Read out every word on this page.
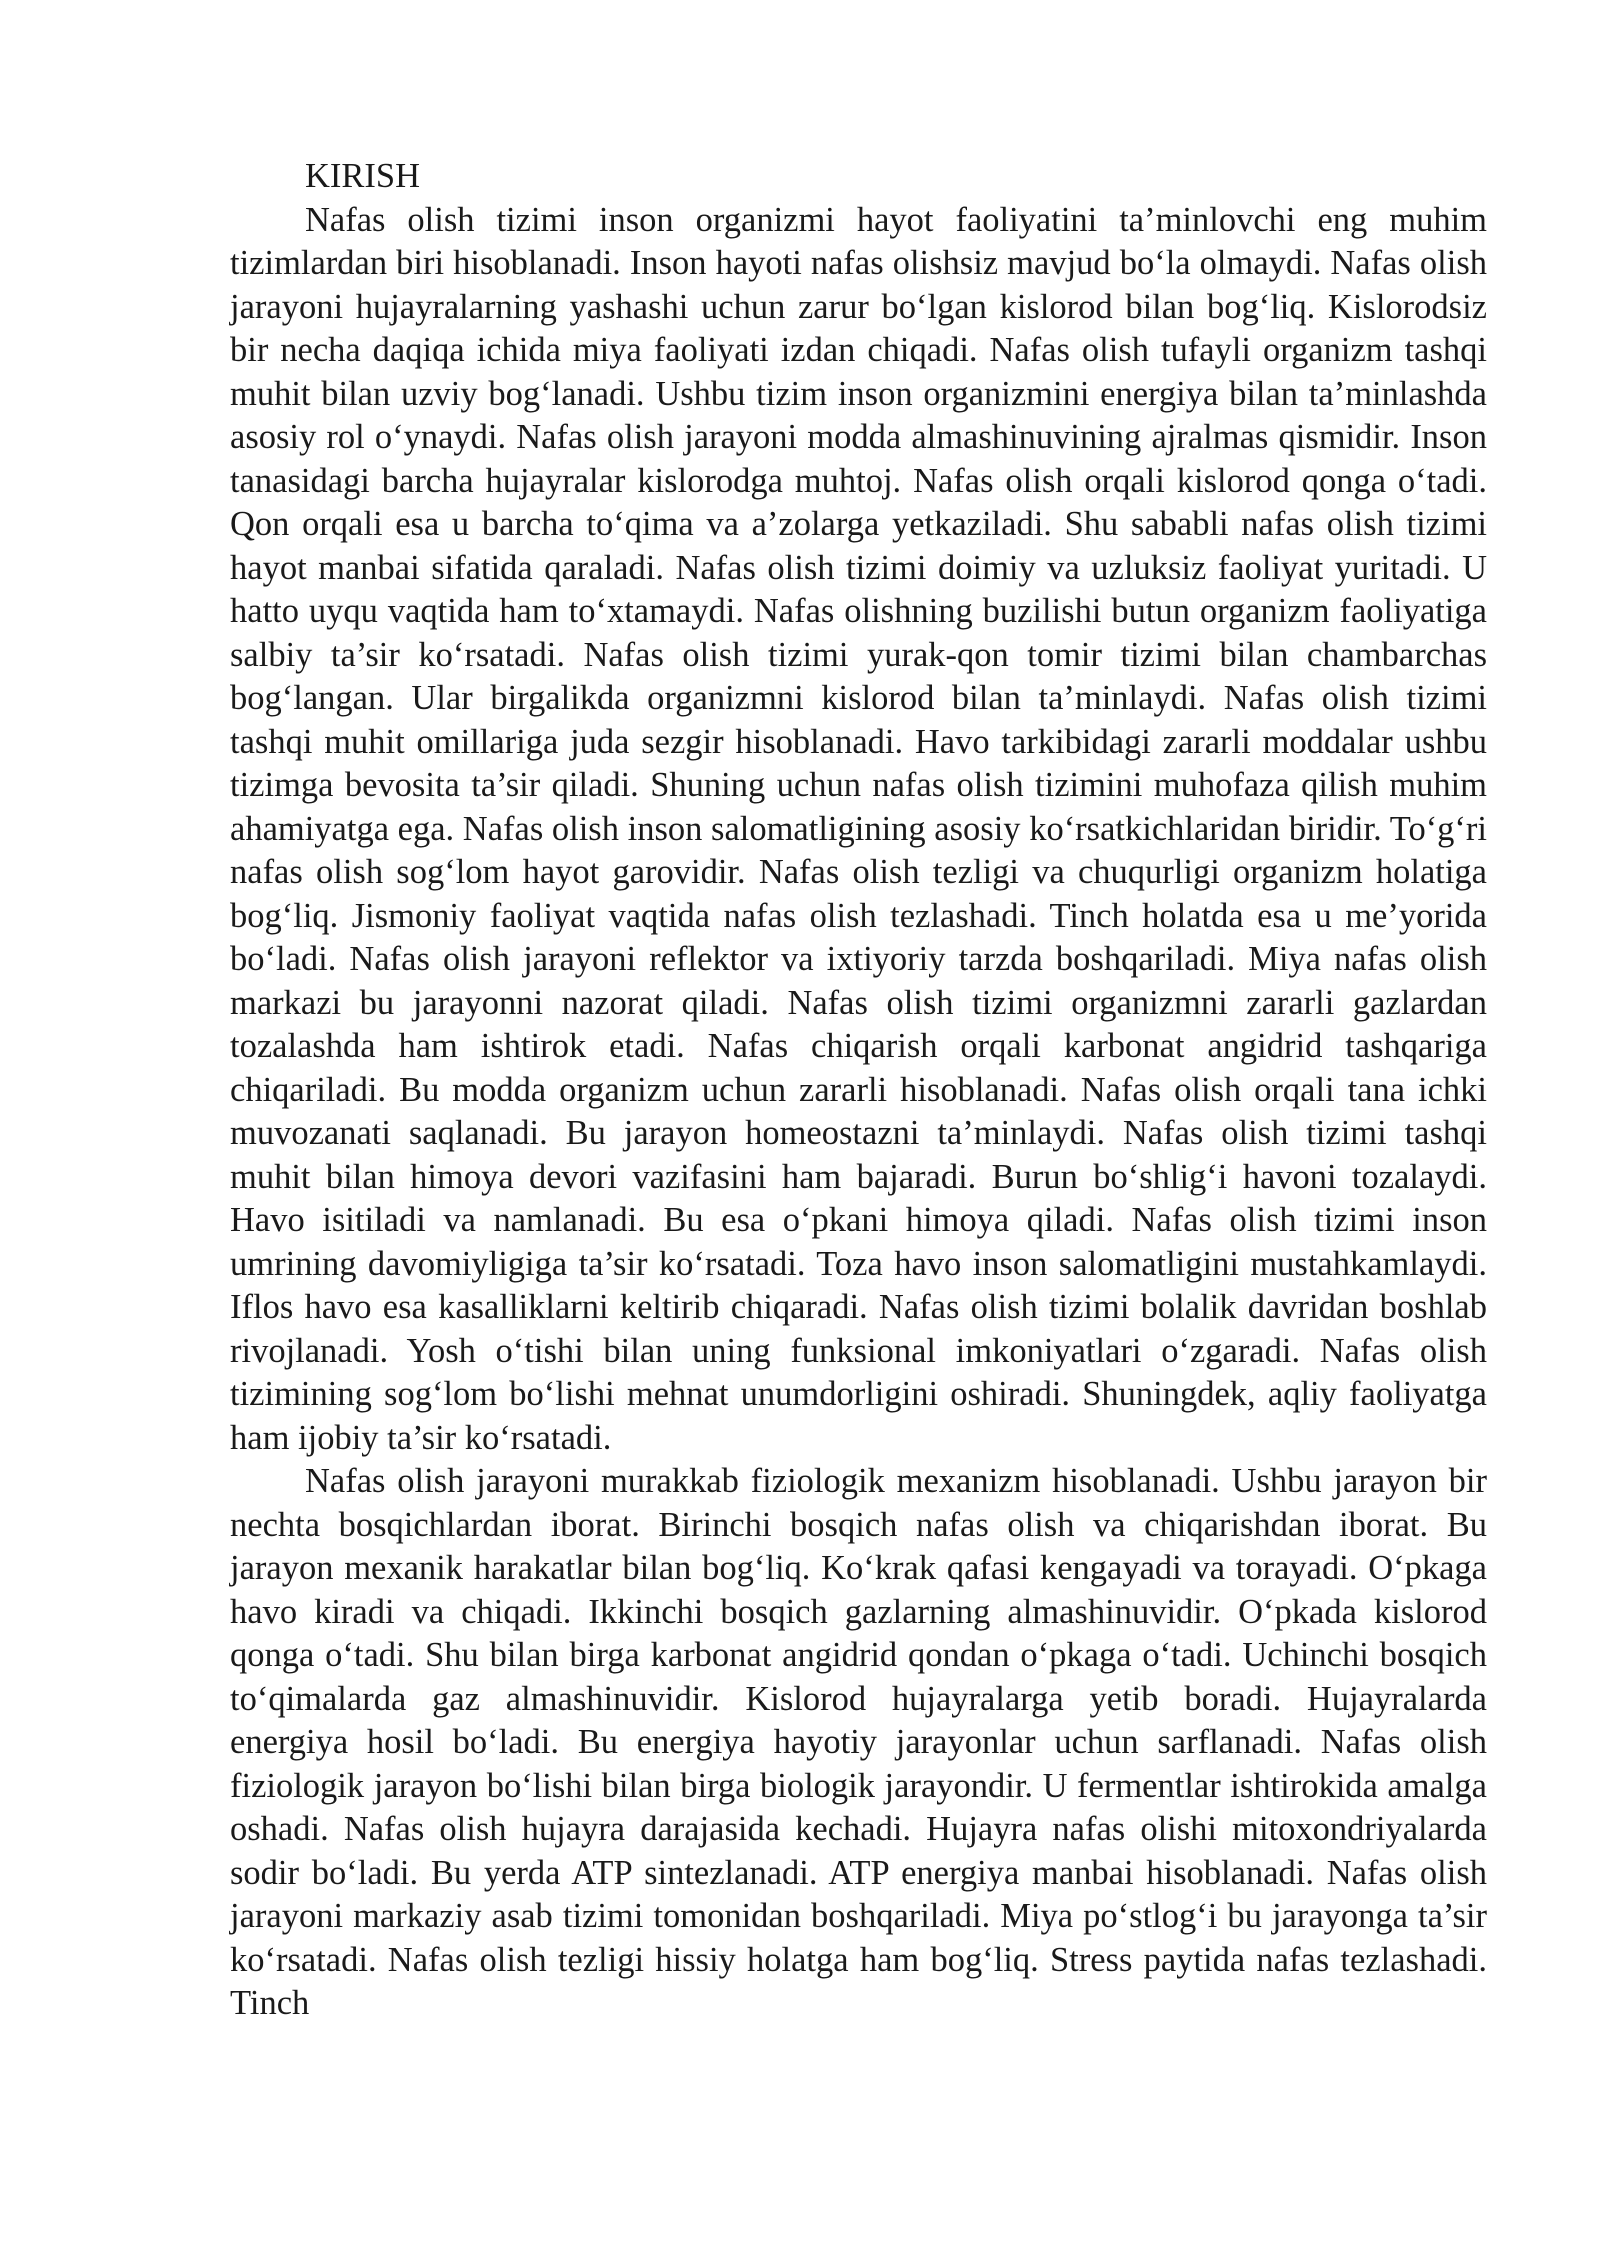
KIRISH

Nafas olish tizimi inson organizmi hayot faoliyatini ta’minlovchi eng muhim tizimlardan biri hisoblanadi. Inson hayoti nafas olishsiz mavjud bo‘la olmaydi. Nafas olish jarayoni hujayralarning yashashi uchun zarur bo‘lgan kislorod bilan bog‘liq. Kislorodsiz bir necha daqiqa ichida miya faoliyati izdan chiqadi. Nafas olish tufayli organizm tashqi muhit bilan uzviy bog‘lanadi. Ushbu tizim inson organizmini energiya bilan ta’minlashda asosiy rol o‘ynaydi. Nafas olish jarayoni modda almashinuvining ajralmas qismidir. Inson tanasidagi barcha hujayralar kislorodga muhtoj. Nafas olish orqali kislorod qonga o‘tadi. Qon orqali esa u barcha to‘qima va a’zolarga yetkaziladi. Shu sababli nafas olish tizimi hayot manbai sifatida qaraladi. Nafas olish tizimi doimiy va uzluksiz faoliyat yuritadi. U hatto uyqu vaqtida ham to‘xtamaydi. Nafas olishning buzilishi butun organizm faoliyatiga salbiy ta’sir ko‘rsatadi. Nafas olish tizimi yurak-qon tomir tizimi bilan chambarchas bog‘langan. Ular birgalikda organizmni kislorod bilan ta’minlaydi. Nafas olish tizimi tashqi muhit omillariga juda sezgir hisoblanadi. Havo tarkibidagi zararli moddalar ushbu tizimga bevosita ta’sir qiladi. Shuning uchun nafas olish tizimini muhofaza qilish muhim ahamiyatga ega. Nafas olish inson salomatligining asosiy ko‘rsatkichlaridan biridir. To‘g‘ri nafas olish sog‘lom hayot garovidir. Nafas olish tezligi va chuqurligi organizm holatiga bog‘liq. Jismoniy faoliyat vaqtida nafas olish tezlashadi. Tinch holatda esa u me’yorida bo‘ladi. Nafas olish jarayoni reflektor va ixtiyoriy tarzda boshqariladi. Miya nafas olish markazi bu jarayonni nazorat qiladi. Nafas olish tizimi organizmni zararli gazlardan tozalashda ham ishtirok etadi. Nafas chiqarish orqali karbonat angidrid tashqariga chiqariladi. Bu modda organizm uchun zararli hisoblanadi. Nafas olish orqali tana ichki muvozanati saqlanadi. Bu jarayon homeostazni ta’minlaydi. Nafas olish tizimi tashqi muhit bilan himoya devori vazifasini ham bajaradi. Burun bo‘shlig‘i havoni tozalaydi. Havo isitiladi va namlanadi. Bu esa o‘pkani himoya qiladi. Nafas olish tizimi inson umrining davomiyligiga ta’sir ko‘rsatadi. Toza havo inson salomatligini mustahkamlaydi. Iflos havo esa kasalliklarni keltirib chiqaradi. Nafas olish tizimi bolalik davridan boshlab rivojlanadi. Yosh o‘tishi bilan uning funksional imkoniyatlari o‘zgaradi. Nafas olish tizimining sog‘lom bo‘lishi mehnat unumdorligini oshiradi. Shuningdek, aqliy faoliyatga ham ijobiy ta’sir ko‘rsatadi.

Nafas olish jarayoni murakkab fiziologik mexanizm hisoblanadi. Ushbu jarayon bir nechta bosqichlardan iborat. Birinchi bosqich nafas olish va chiqarishdan iborat. Bu jarayon mexanik harakatlar bilan bog‘liq. Ko‘krak qafasi kengayadi va torayadi. O‘pkaga havo kiradi va chiqadi. Ikkinchi bosqich gazlarning almashinuvidir. O‘pkada kislorod qonga o‘tadi. Shu bilan birga karbonat angidrid qondan o‘pkaga o‘tadi. Uchinchi bosqich to‘qimalarda gaz almashinuvidir. Kislorod hujayralarga yetib boradi. Hujayralarda energiya hosil bo‘ladi. Bu energiya hayotiy jarayonlar uchun sarflanadi. Nafas olish fiziologik jarayon bo‘lishi bilan birga biologik jarayondir. U fermentlar ishtirokida amalga oshadi. Nafas olish hujayra darajasida kechadi. Hujayra nafas olishi mitoxondriyalarda sodir bo‘ladi. Bu yerda ATP sintezlanadi. ATP energiya manbai hisoblanadi. Nafas olish jarayoni markaziy asab tizimi tomonidan boshqariladi. Miya po‘stlog‘i bu jarayonga ta’sir ko‘rsatadi. Nafas olish tezligi hissiy holatga ham bog‘liq. Stress paytida nafas tezlashadi. Tinch
